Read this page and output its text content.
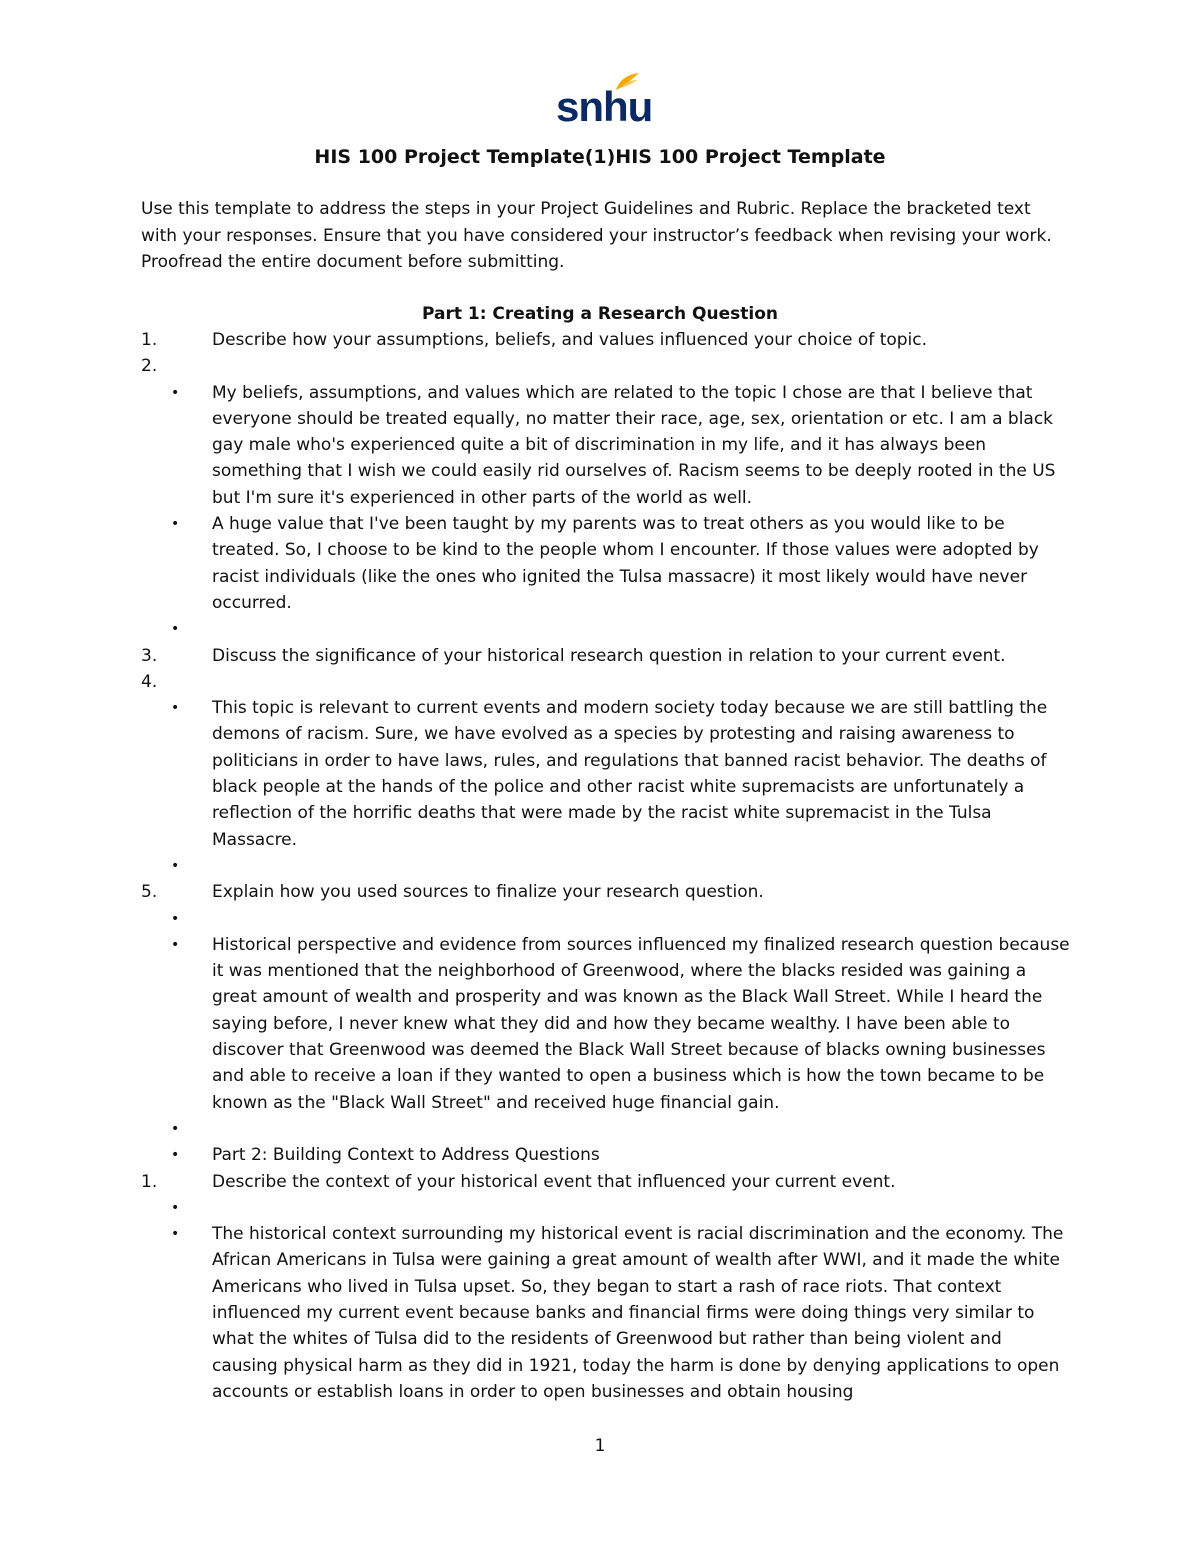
snhu
HIS 100 Project Template(1)HIS 100 Project Template
Use this template to address the steps in your Project Guidelines and Rubric. Replace the bracketed text with your responses. Ensure that you have considered your instructor’s feedback when revising your work. Proofread the entire document before submitting.
Part 1: Creating a Research Question
1.	Describe how your assumptions, beliefs, and values influenced your choice of topic.
2.
•	My beliefs, assumptions, and values which are related to the topic I chose are that I believe that everyone should be treated equally, no matter their race, age, sex, orientation or etc. I am a black gay male who's experienced quite a bit of discrimination in my life, and it has always been something that I wish we could easily rid ourselves of. Racism seems to be deeply rooted in the US but I'm sure it's experienced in other parts of the world as well.
•	A huge value that I've been taught by my parents was to treat others as you would like to be treated. So, I choose to be kind to the people whom I encounter. If those values were adopted by racist individuals (like the ones who ignited the Tulsa massacre) it most likely would have never occurred.
•
3.	Discuss the significance of your historical research question in relation to your current event.
4.
•	This topic is relevant to current events and modern society today because we are still battling the demons of racism. Sure, we have evolved as a species by protesting and raising awareness to politicians in order to have laws, rules, and regulations that banned racist behavior. The deaths of black people at the hands of the police and other racist white supremacists are unfortunately a reflection of the horrific deaths that were made by the racist white supremacist in the Tulsa Massacre.
•
5.	Explain how you used sources to finalize your research question.
•
•	Historical perspective and evidence from sources influenced my finalized research question because it was mentioned that the neighborhood of Greenwood, where the blacks resided was gaining a great amount of wealth and prosperity and was known as the Black Wall Street. While I heard the saying before, I never knew what they did and how they became wealthy. I have been able to discover that Greenwood was deemed the Black Wall Street because of blacks owning businesses and able to receive a loan if they wanted to open a business which is how the town became to be known as the "Black Wall Street" and received huge financial gain.
•
•	Part 2: Building Context to Address Questions
1.	Describe the context of your historical event that influenced your current event.
•
•	The historical context surrounding my historical event is racial discrimination and the economy. The African Americans in Tulsa were gaining a great amount of wealth after WWI, and it made the white Americans who lived in Tulsa upset. So, they began to start a rash of race riots. That context influenced my current event because banks and financial firms were doing things very similar to what the whites of Tulsa did to the residents of Greenwood but rather than being violent and causing physical harm as they did in 1921, today the harm is done by denying applications to open accounts or establish loans in order to open businesses and obtain housing
1
